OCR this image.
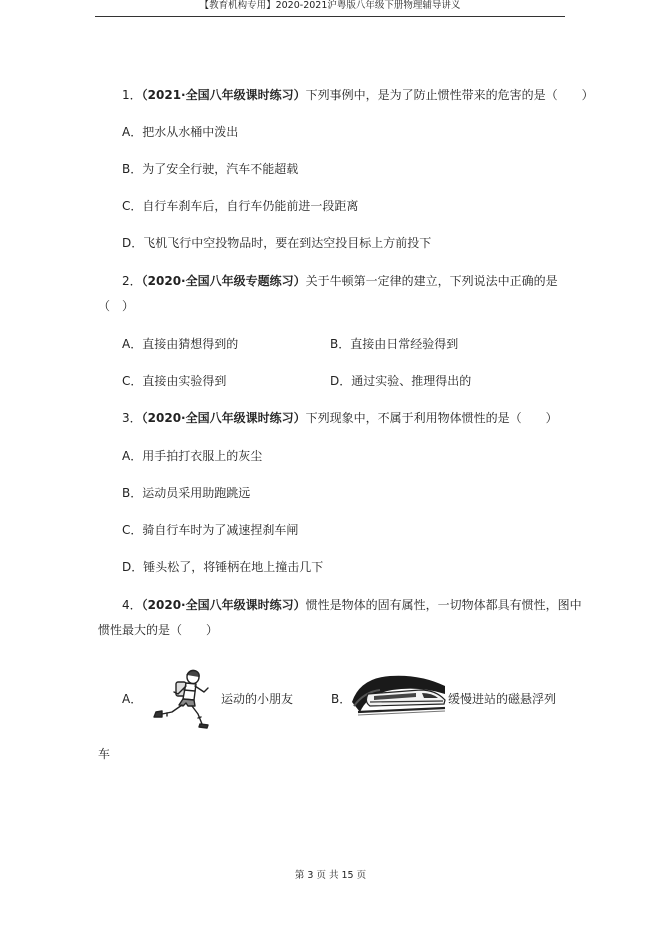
【教育机构专用】2020-2021沪粤版八年级下册物理辅导讲义
1．（2021·全国八年级课时练习）下列事例中，是为了防止惯性带来的危害的是（　　）
A．把水从水桶中泼出
B．为了安全行驶，汽车不能超载
C．自行车刹车后，自行车仍能前进一段距离
D．飞机飞行中空投物品时，要在到达空投目标上方前投下
2．（2020·全国八年级专题练习）关于牛顿第一定律的建立，下列说法中正确的是
（　）
A．直接由猜想得到的	B．直接由日常经验得到
C．直接由实验得到	D．通过实验、推理得出的
3．（2020·全国八年级课时练习）下列现象中，不属于利用物体惯性的是（　　）
A．用手拍打衣服上的灰尘
B．运动员采用助跑跳远
C．骑自行车时为了减速捏刹车闸
D．锤头松了，将锤柄在地上撞击几下
4．（2020·全国八年级课时练习）惯性是物体的固有属性，一切物体都具有惯性，图中
惯性最大的是（　　）
A．	运动的小朋友	B．	缓慢进站的磁悬浮列
车
第 3 页 共 15 页
